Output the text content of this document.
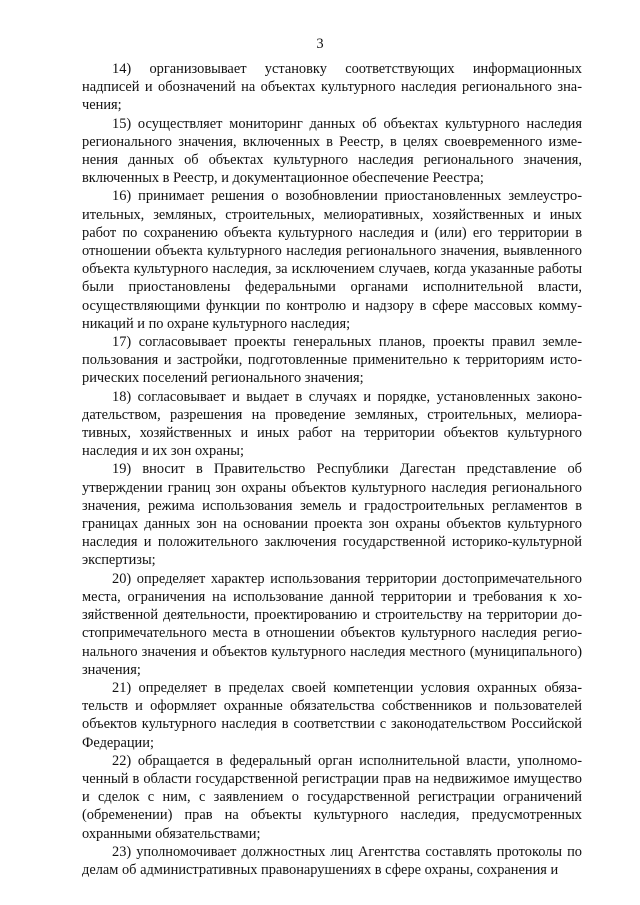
3

14) организовывает установку соответствующих информационных надписей и обозначений на объектах культурного наследия регионального значения;

15) осуществляет мониторинг данных об объектах культурного наследия регионального значения, включенных в Реестр, в целях своевременного изменения данных об объектах культурного наследия регионального значения, включенных в Реестр, и документационное обеспечение Реестра;

16) принимает решения о возобновлении приостановленных землеустроительных, земляных, строительных, мелиоративных, хозяйственных и иных работ по сохранению объекта культурного наследия и (или) его территории в отношении объекта культурного наследия регионального значения, выявленного объекта культурного наследия, за исключением случаев, когда указанные работы были приостановлены федеральными органами исполнительной власти, осуществляющими функции по контролю и надзору в сфере массовых коммуникаций и по охране культурного наследия;

17) согласовывает проекты генеральных планов, проекты правил землепользования и застройки, подготовленные применительно к территориям исторических поселений регионального значения;

18) согласовывает и выдает в случаях и порядке, установленных законодательством, разрешения на проведение земляных, строительных, мелиоративных, хозяйственных и иных работ на территории объектов культурного наследия и их зон охраны;

19) вносит в Правительство Республики Дагестан представление об утверждении границ зон охраны объектов культурного наследия регионального значения, режима использования земель и градостроительных регламентов в границах данных зон на основании проекта зон охраны объектов культурного наследия и положительного заключения государственной историко-культурной экспертизы;

20) определяет характер использования территории достопримечательного места, ограничения на использование данной территории и требования к хозяйственной деятельности, проектированию и строительству на территории достопримечательного места в отношении объектов культурного наследия регионального значения и объектов культурного наследия местного (муниципального) значения;

21) определяет в пределах своей компетенции условия охранных обязательств и оформляет охранные обязательства собственников и пользователей объектов культурного наследия в соответствии с законодательством Российской Федерации;

22) обращается в федеральный орган исполнительной власти, уполномоченный в области государственной регистрации прав на недвижимое имущество и сделок с ним, с заявлением о государственной регистрации ограничений (обременении) прав на объекты культурного наследия, предусмотренных охранными обязательствами;

23) уполномочивает должностных лиц Агентства составлять протоколы по делам об административных правонарушениях в сфере охраны, сохранения и
